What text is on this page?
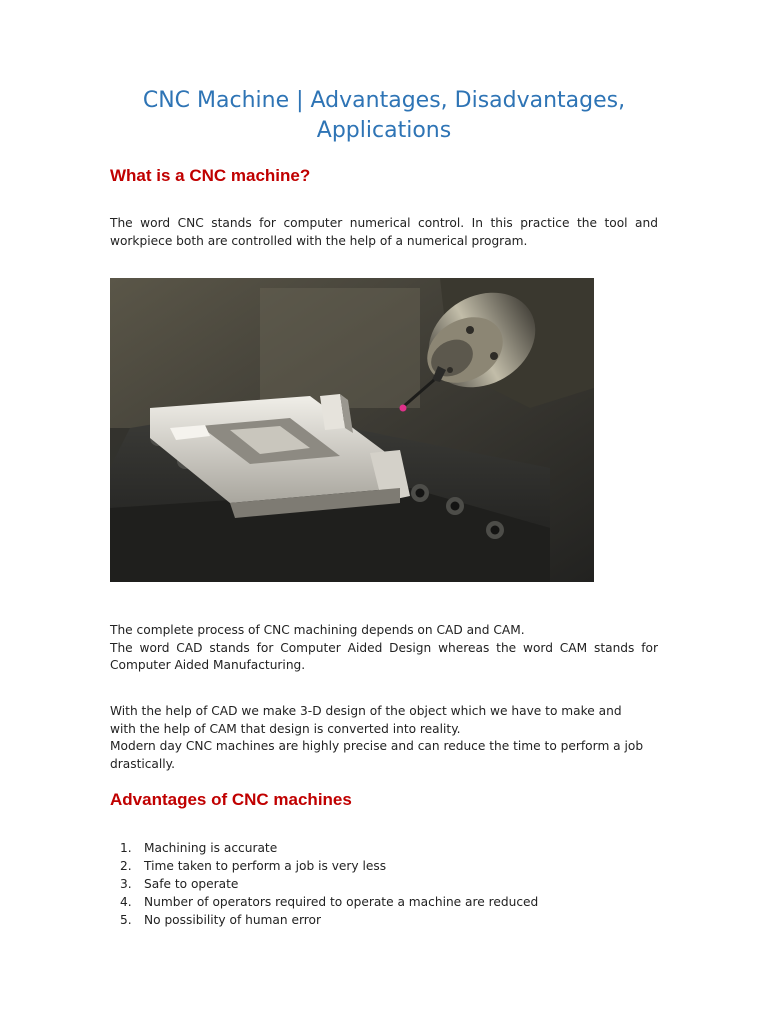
CNC Machine | Advantages, Disadvantages,
Applications
What is a CNC machine?

The word CNC stands for computer numerical control. In this practice the tool and
workpiece both are controlled with the help of a numerical program.

The complete process of CNC machining depends on CAD and CAM.
The word CAD stands for Computer Aided Design whereas the word CAM stands for
Computer Aided Manufacturing.

With the help of CAD we make 3-D design of the object which we have to make and
with the help of CAM that design is converted into reality.
Modern day CNC machines are highly precise and can reduce the time to perform a job
drastically.

Advantages of CNC machines
1. Machining is accurate
2. Time taken to perform a job is very less
3. Safe to operate
4. Number of operators required to operate a machine are reduced
5. No possibility of human error
